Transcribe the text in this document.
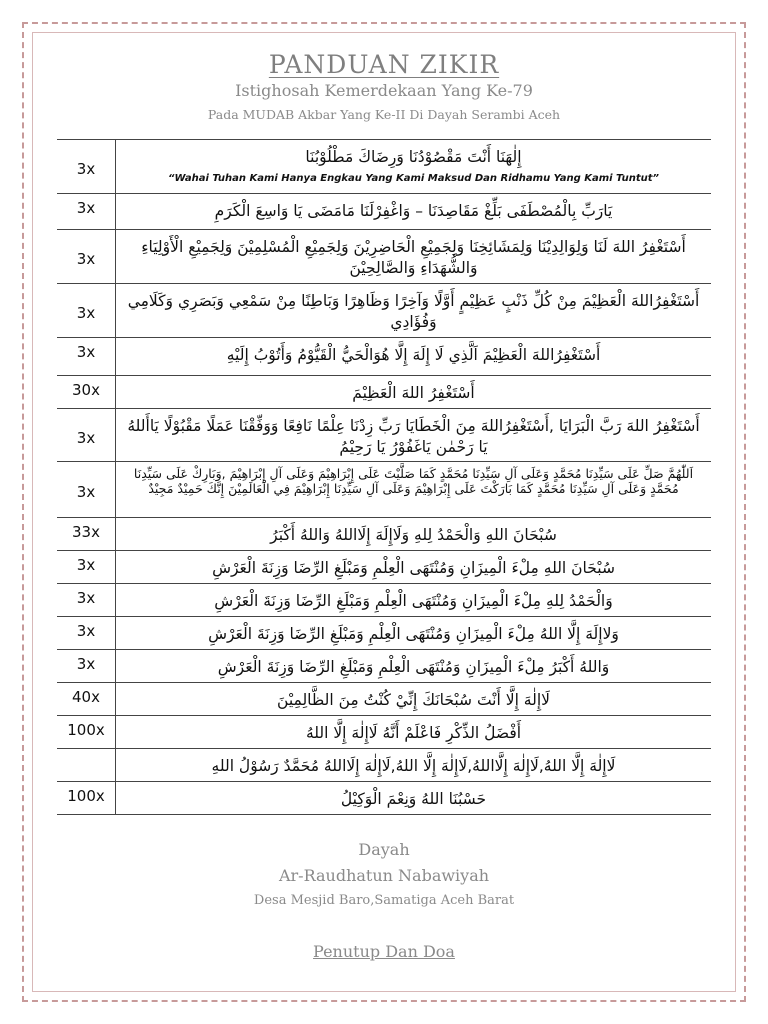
PANDUAN ZIKIR
Istighosah Kemerdekaan Yang Ke-79
Pada MUDAB Akbar Yang Ke-II Di Dayah Serambi Aceh
3x	إِلٰهَنَا أَنْتَ مَقْصُوْدُنَا وَرِضَاكَ مَطْلُوْبُنَا
“Wahai Tuhan Kami Hanya Engkau Yang Kami Maksud Dan Ridhamu Yang Kami Tuntut”

3x	يَارَبِّ بِالْمُصْطَفَى بَلِّغْ مَقَاصِدَنَا – وَاغْفِرْلَنَا مَامَضَى يَا وَاسِعَ الْكَرَمِ
3x	أَسْتَغْفِرُ اللهَ لَنَا وَلِوَالِدِيْنَا وَلِمَشَائِخِنَا وَلِجَمِيْعِ الْحَاضِرِيْنَ وَلِجَمِيْعِ الْمُسْلِمِيْنَ وَلِجَمِيْعِ الْأَوْلِيَاءِ وَالشُّهَدَاءِ وَالصَّالِحِيْنَ
3x	أَسْتَغْفِرُاللهَ الْعَظِيْمَ مِنْ كُلِّ ذَنْبٍ عَظِيْمٍ أَوَّلًا وَآخِرًا وَظَاهِرًا وَبَاطِنًا مِنْ سَمْعِي وَبَصَرِي وَكَلَامِي وَفُؤَادِي
3x	أَسْتَغْفِرُاللهَ الْعَظِيْمَ اَلَّذِي لَا إِلَهَ إِلَّا هُوَالْحَيُّ الْقَيُّوْمُ وَأَتُوْبُ إِلَيْهِ
30x	أَسْتَغْفِرُ اللهَ الْعَظِيْمَ
3x	أَسْتَغْفِرُ اللهَ رَبَّ الْبَرَايَا ,أَسْتَغْفِرُاللهَ مِنَ الْخَطَايَا رَبِّ زِدْنَا عِلْمًا نَافِعًا وَوَفِّقْنَا عَمَلًا مَقْبُوْلًا يَاأَللهُ يَا رَحْمٰن يَاغَفُوْرُ يَا رَحِيْمُ
3x	اَللّٰهُمَّ صَلِّ عَلَى سَيِّدِنَا مُحَمَّدٍ وَعَلَى آلِ سَيِّدِنَا مُحَمَّدٍ كَمَا صَلَّيْتَ عَلَى إِبْرَاهِيْمَ وَعَلَى آلِ إِبْرَاهِيْمَ ,وَبَارِكْ عَلَى سَيِّدِنَا مُحَمَّدٍ وَعَلَى آلِ سَيِّدِنَا مُحَمَّدٍ كَمَا بَارَكْتَ عَلَى إِبْرَاهِيْمَ وَعَلَى آلِ سَيِّدِنَا إِبْرَاهِيْمَ فِي الْعَالَمِيْنَ إِنَّكَ حَمِيْدٌ مَجِيْدٌ
33x	سُبْحَانَ اللهِ وَالْحَمْدُ لِلهِ وَلَاإِلَهَ إِلَااللهُ وَاللهُ أَكْبَرُ
3x	سُبْحَانَ اللهِ مِلْءَ الْمِيزَانِ وَمُنْتَهَى الْعِلْمِ وَمَبْلَغِ الرِّضَا وَزِنَةَ الْعَرْشِ
3x	وَالْحَمْدُ لِلهِ مِلْءَ الْمِيزَانِ وَمُنْتَهَى الْعِلْمِ وَمَبْلَغِ الرِّضَا وَزِنَةَ الْعَرْشِ
3x	وَلاإِلَهَ إِلَّا اللهُ مِلْءَ الْمِيزَانِ وَمُنْتَهَى الْعِلْمِ وَمَبْلَغِ الرِّضَا وَزِنَةَ الْعَرْشِ
3x	وَاللهُ أَكْبَرُ مِلْءَ الْمِيزَانِ وَمُنْتَهَى الْعِلْمِ وَمَبْلَغِ الرِّضَا وَزِنَةَ الْعَرْشِ
40x	لَاإِلٰهَ إِلَّا أَنْتَ سُبْحَانَكَ إِنِّيْ كُنْتُ مِنَ الظَّالِمِيْنَ
100x	أَفْضَلُ الذِّكْرِ فَاعْلَمْ أَنَّهُ لَاإِلٰهَ إِلَّا اللهُ
	لَاإِلٰهَ إِلَّا اللهُ,لَاإِلٰهَ إِلَّااللهُ,لَاإِلٰهَ إِلَّا اللهُ,لَاإِلٰهَ إِلَااللهُ مُحَمَّدٌ رَسُوْلُ اللهِ
100x	حَسْبُنَا اللهُ وَنِعْمَ الْوَكِيْلُ
Dayah
Ar-Raudhatun Nabawiyah
Desa Mesjid Baro,Samatiga Aceh Barat
Penutup Dan Doa
